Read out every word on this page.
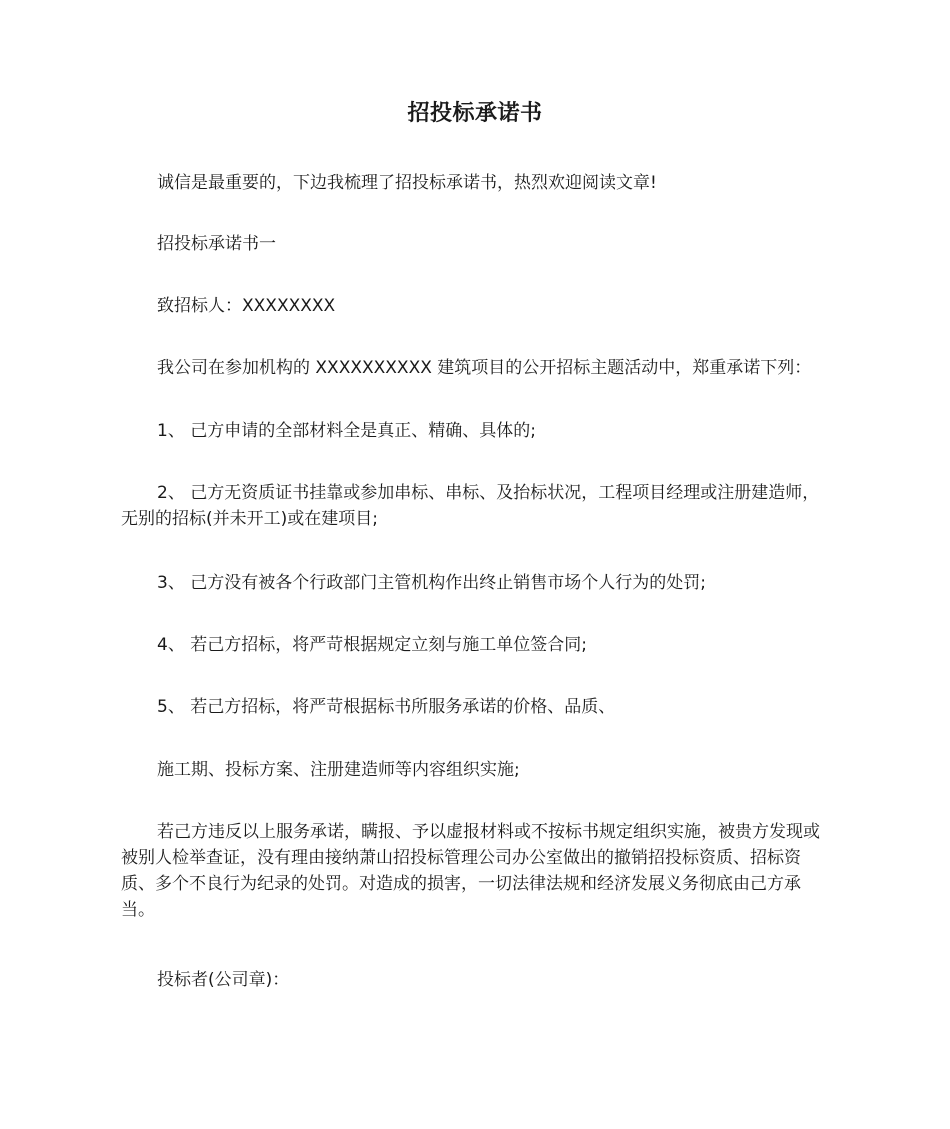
招投标承诺书

诚信是最重要的，下边我梳理了招投标承诺书，热烈欢迎阅读文章!

招投标承诺书一

致招标人：XXXXXXXX

我公司在参加机构的 XXXXXXXXXX 建筑项目的公开招标主题活动中，郑重承诺下列：

1、 己方申请的全部材料全是真正、精确、具体的;

2、 己方无资质证书挂靠或参加串标、串标、及抬标状况，工程项目经理或注册建造师，无别的招标(并未开工)或在建项目;

3、 己方没有被各个行政部门主管机构作出终止销售市场个人行为的处罚;

4、 若己方招标，将严苛根据规定立刻与施工单位签合同;

5、 若己方招标，将严苛根据标书所服务承诺的价格、品质、

施工期、投标方案、注册建造师等内容组织实施;

若己方违反以上服务承诺，瞒报、予以虚报材料或不按标书规定组织实施，被贵方发现或被别人检举查证，没有理由接纳萧山招投标管理公司办公室做出的撤销招投标资质、招标资质、多个不良行为纪录的处罚。对造成的损害，一切法律法规和经济发展义务彻底由己方承当。

投标者(公司章)：
